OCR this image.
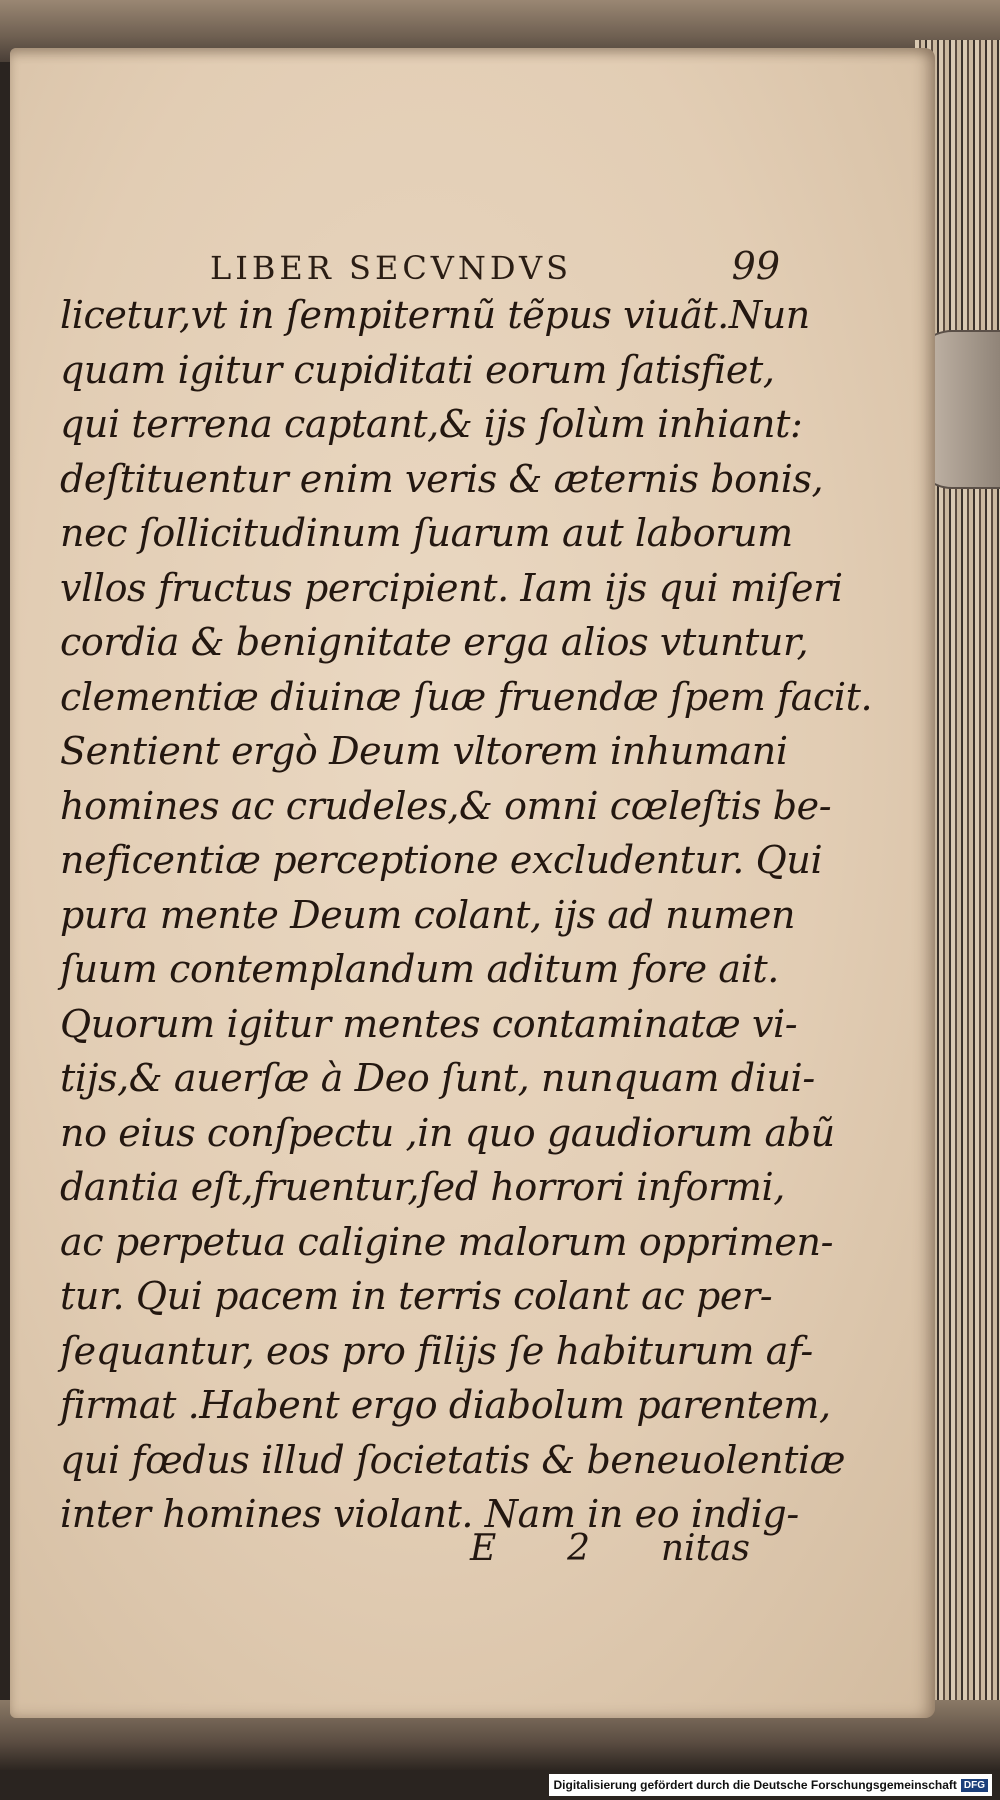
LIBER SECVNDVS	99
licetur,vt in ſempiternũ tẽpus viuãt.Nun
quam igitur cupiditati eorum ſatisfiet,
qui terrena captant,& ijs ſolùm inhiant:
deſtituentur enim veris & æternis bonis,
nec ſollicitudinum ſuarum aut laborum
vllos fructus percipient. Iam ijs qui miſeri
cordia & benignitate erga alios vtuntur,
clementiæ diuinæ ſuæ fruendæ ſpem facit.
Sentient ergò Deum vltorem inhumani
homines ac crudeles,& omni cœleſtis be-
neficentiæ perceptione excludentur. Qui
pura mente Deum colant, ijs ad numen
ſuum contemplandum aditum fore ait.
Quorum igitur mentes contaminatæ vi-
tijs,& auerſæ à Deo ſunt, nunquam diui-
no eius conſpectu ,in quo gaudiorum abũ
dantia eſt,fruentur,ſed horrori informi,
ac perpetua caligine malorum opprimen-
tur. Qui pacem in terris colant ac per-
ſequantur, eos pro filijs ſe habiturum af-
firmat .Habent ergo diabolum parentem,
qui fœdus illud ſocietatis & beneuolentiæ
inter homines violant. Nam in eo indig-
E 2 nitas
Digitalisierung gefördert durch die Deutsche Forschungsgemeinschaft DFG
